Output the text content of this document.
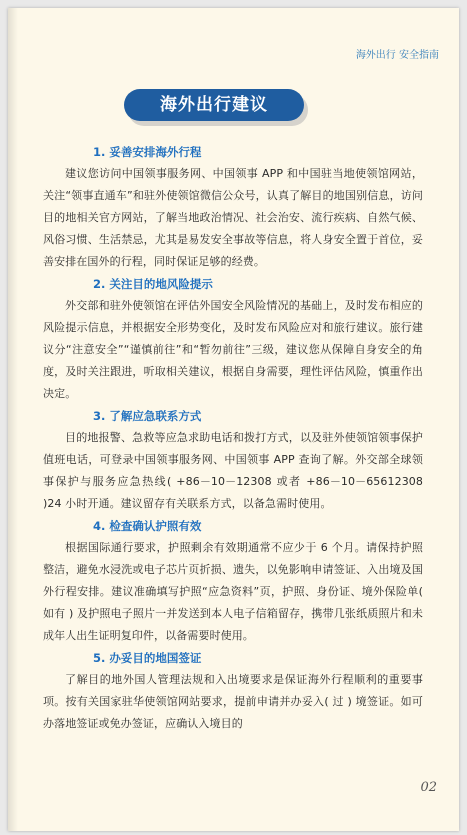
海外出行 安全指南
海外出行建议
1. 妥善安排海外行程

建议您访问中国领事服务网、中国领事 APP 和中国驻当地使领馆网站，关注“领事直通车”和驻外使领馆微信公众号，认真了解目的地国别信息，访问目的地相关官方网站，了解当地政治情况、社会治安、流行疾病、自然气候、风俗习惯、生活禁忌，尤其是易发安全事故等信息，将人身安全置于首位，妥善安排在国外的行程，同时保证足够的经费。

2. 关注目的地风险提示

外交部和驻外使领馆在评估外国安全风险情况的基础上，及时发布相应的风险提示信息，并根据安全形势变化，及时发布风险应对和旅行建议。旅行建议分“注意安全”“谨慎前往”和“暂勿前往”三级，建议您从保障自身安全的角度，及时关注跟进，听取相关建议，根据自身需要，理性评估风险，慎重作出决定。

3. 了解应急联系方式

目的地报警、急救等应急求助电话和拨打方式，以及驻外使领馆领事保护值班电话，可登录中国领事服务网、中国领事 APP 查询了解。外交部全球领事保护与服务应急热线( +86－10－12308 或者 +86－10－65612308 )24 小时开通。建议留存有关联系方式，以备急需时使用。

4. 检查确认护照有效

根据国际通行要求，护照剩余有效期通常不应少于 6 个月。请保持护照整洁，避免水浸洗或电子芯片页折损、遗失，以免影响申请签证、入出境及国外行程安排。建议准确填写护照“应急资料”页，护照、身份证、境外保险单( 如有 ) 及护照电子照片一并发送到本人电子信箱留存，携带几张纸质照片和未成年人出生证明复印件，以备需要时使用。

5. 办妥目的地国签证

了解目的地外国人管理法规和入出境要求是保证海外行程顺利的重要事项。按有关国家驻华使领馆网站要求，提前申请并办妥入( 过 ) 境签证。如可办落地签证或免办签证，应确认入境目的

02
